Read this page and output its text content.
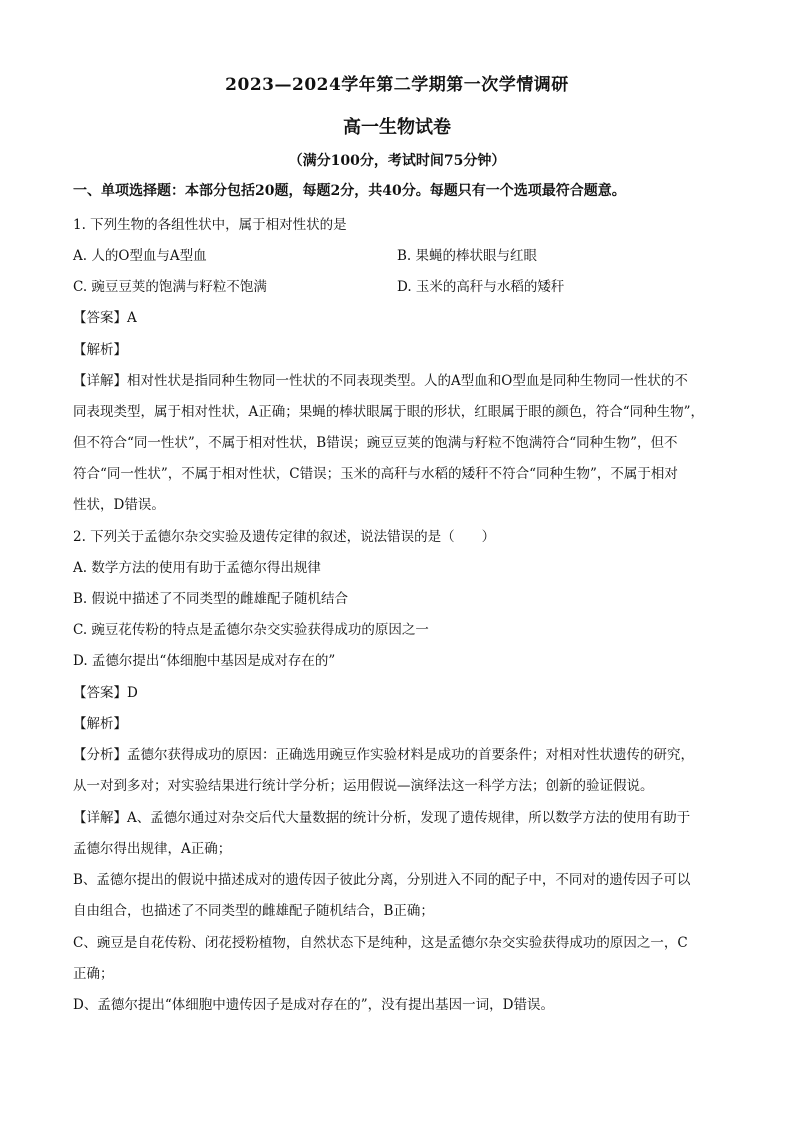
2023—2024学年第二学期第一次学情调研
高一生物试卷
（满分100分，考试时间75分钟）
一、单项选择题：本部分包括20题，每题2分，共40分。每题只有一个选项最符合题意。
1. 下列生物的各组性状中，属于相对性状的是
A. 人的O型血与A型血	B. 果蝇的棒状眼与红眼
C. 豌豆豆荚的饱满与籽粒不饱满	D. 玉米的高秆与水稻的矮秆
【答案】A
【解析】
【详解】相对性状是指同种生物同一性状的不同表现类型。人的A型血和O型血是同种生物同一性状的不
同表现类型，属于相对性状，A正确；果蝇的棒状眼属于眼的形状，红眼属于眼的颜色，符合“同种生物”，
但不符合“同一性状”，不属于相对性状，B错误；豌豆豆荚的饱满与籽粒不饱满符合“同种生物”，但不
符合“同一性状”，不属于相对性状，C错误；玉米的高秆与水稻的矮秆不符合“同种生物”，不属于相对
性状，D错误。
2. 下列关于孟德尔杂交实验及遗传定律的叙述，说法错误的是（　　）
A. 数学方法的使用有助于孟德尔得出规律
B. 假说中描述了不同类型的雌雄配子随机结合
C. 豌豆花传粉的特点是孟德尔杂交实验获得成功的原因之一
D. 孟德尔提出“体细胞中基因是成对存在的”
【答案】D
【解析】
【分析】孟德尔获得成功的原因：正确选用豌豆作实验材料是成功的首要条件；对相对性状遗传的研究，
从一对到多对；对实验结果进行统计学分析；运用假说—演绎法这一科学方法；创新的验证假说。
【详解】A、孟德尔通过对杂交后代大量数据的统计分析，发现了遗传规律，所以数学方法的使用有助于
孟德尔得出规律，A正确；
B、孟德尔提出的假说中描述成对的遗传因子彼此分离，分别进入不同的配子中，不同对的遗传因子可以
自由组合，也描述了不同类型的雌雄配子随机结合，B正确；
C、豌豆是自花传粉、闭花授粉植物，自然状态下是纯种，这是孟德尔杂交实验获得成功的原因之一，C
正确；
D、孟德尔提出“体细胞中遗传因子是成对存在的”，没有提出基因一词，D错误。
